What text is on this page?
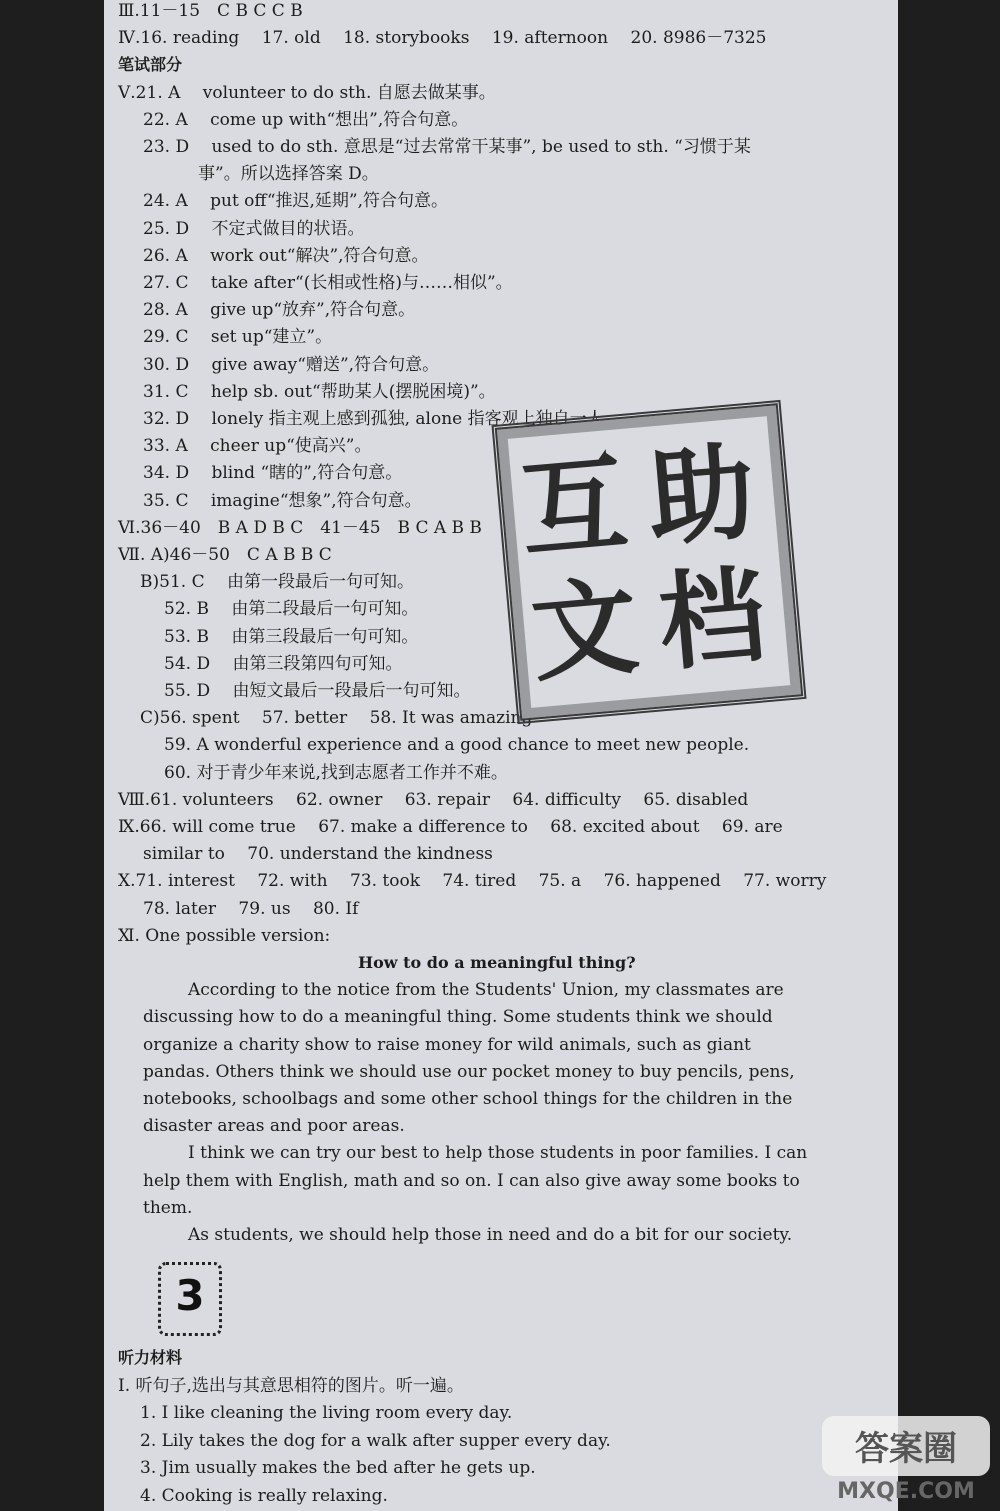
Ⅲ.11－15　C B C C B
Ⅳ.16. reading　 17. old　 18. storybooks　 19. afternoon　 20. 8986－7325
笔试部分
Ⅴ.21. A　 volunteer to do sth. 自愿去做某事。
22. A　 come up with“想出”,符合句意。
23. D　 used to do sth. 意思是“过去常常干某事”, be used to sth. “习惯于某
事”。所以选择答案 D。
24. A　 put off“推迟,延期”,符合句意。
25. D　 不定式做目的状语。
26. A　 work out“解决”,符合句意。
27. C　 take after“(长相或性格)与……相似”。
28. A　 give up“放弃”,符合句意。
29. C　 set up“建立”。
30. D　 give away“赠送”,符合句意。
31. C　 help sb. out“帮助某人(摆脱困境)”。
32. D　 lonely 指主观上感到孤独, alone 指客观上独自一人。
33. A　 cheer up“使高兴”。
34. D　 blind “瞎的”,符合句意。
35. C　 imagine“想象”,符合句意。
Ⅵ.36－40　B A D B C　41－45　B C A B B
Ⅶ. A)46－50　C A B B C
B)51. C　 由第一段最后一句可知。
52. B　 由第二段最后一句可知。
53. B　 由第三段最后一句可知。
54. D　 由第三段第四句可知。
55. D　 由短文最后一段最后一句可知。
C)56. spent　 57. better　 58. It was amazing
59. A wonderful experience and a good chance to meet new people.
60. 对于青少年来说,找到志愿者工作并不难。
Ⅷ.61. volunteers　 62. owner　 63. repair　 64. difficulty　 65. disabled
Ⅸ.66. will come true　 67. make a difference to　 68. excited about　 69. are
similar to　 70. understand the kindness
Ⅹ.71. interest　 72. with　 73. took　 74. tired　 75. a　 76. happened　 77. worry
78. later　 79. us　 80. If
Ⅺ. One possible version:
How to do a meaningful thing?
According to the notice from the Students' Union, my classmates are
discussing how to do a meaningful thing. Some students think we should
organize a charity show to raise money for wild animals, such as giant
pandas. Others think we should use our pocket money to buy pencils, pens,
notebooks, schoolbags and some other school things for the children in the
disaster areas and poor areas.
I think we can try our best to help those students in poor families. I can
help them with English, math and so on. I can also give away some books to
them.
As students, we should help those in need and do a bit for our society.
互 助
文 档
3
听力材料
Ⅰ. 听句子,选出与其意思相符的图片。听一遍。
1. I like cleaning the living room every day.
2. Lily takes the dog for a walk after supper every day.
3. Jim usually makes the bed after he gets up.
4. Cooking is really relaxing.
答案圈
MXQE.COM
